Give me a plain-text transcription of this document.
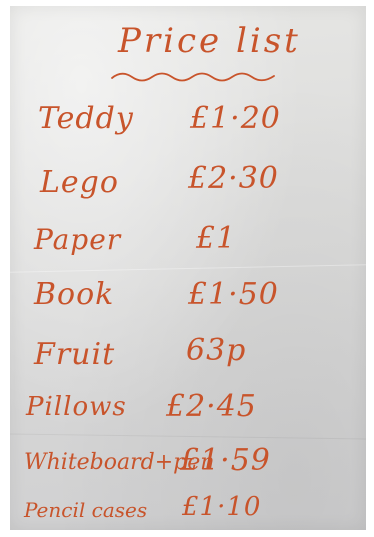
Price list
Teddy £1·20
Lego £2·30
Paper £1
Book £1·50
Fruit 63p
Pillows £2·45
Whiteboard+pen
£1·59
Pencil cases £1·10
